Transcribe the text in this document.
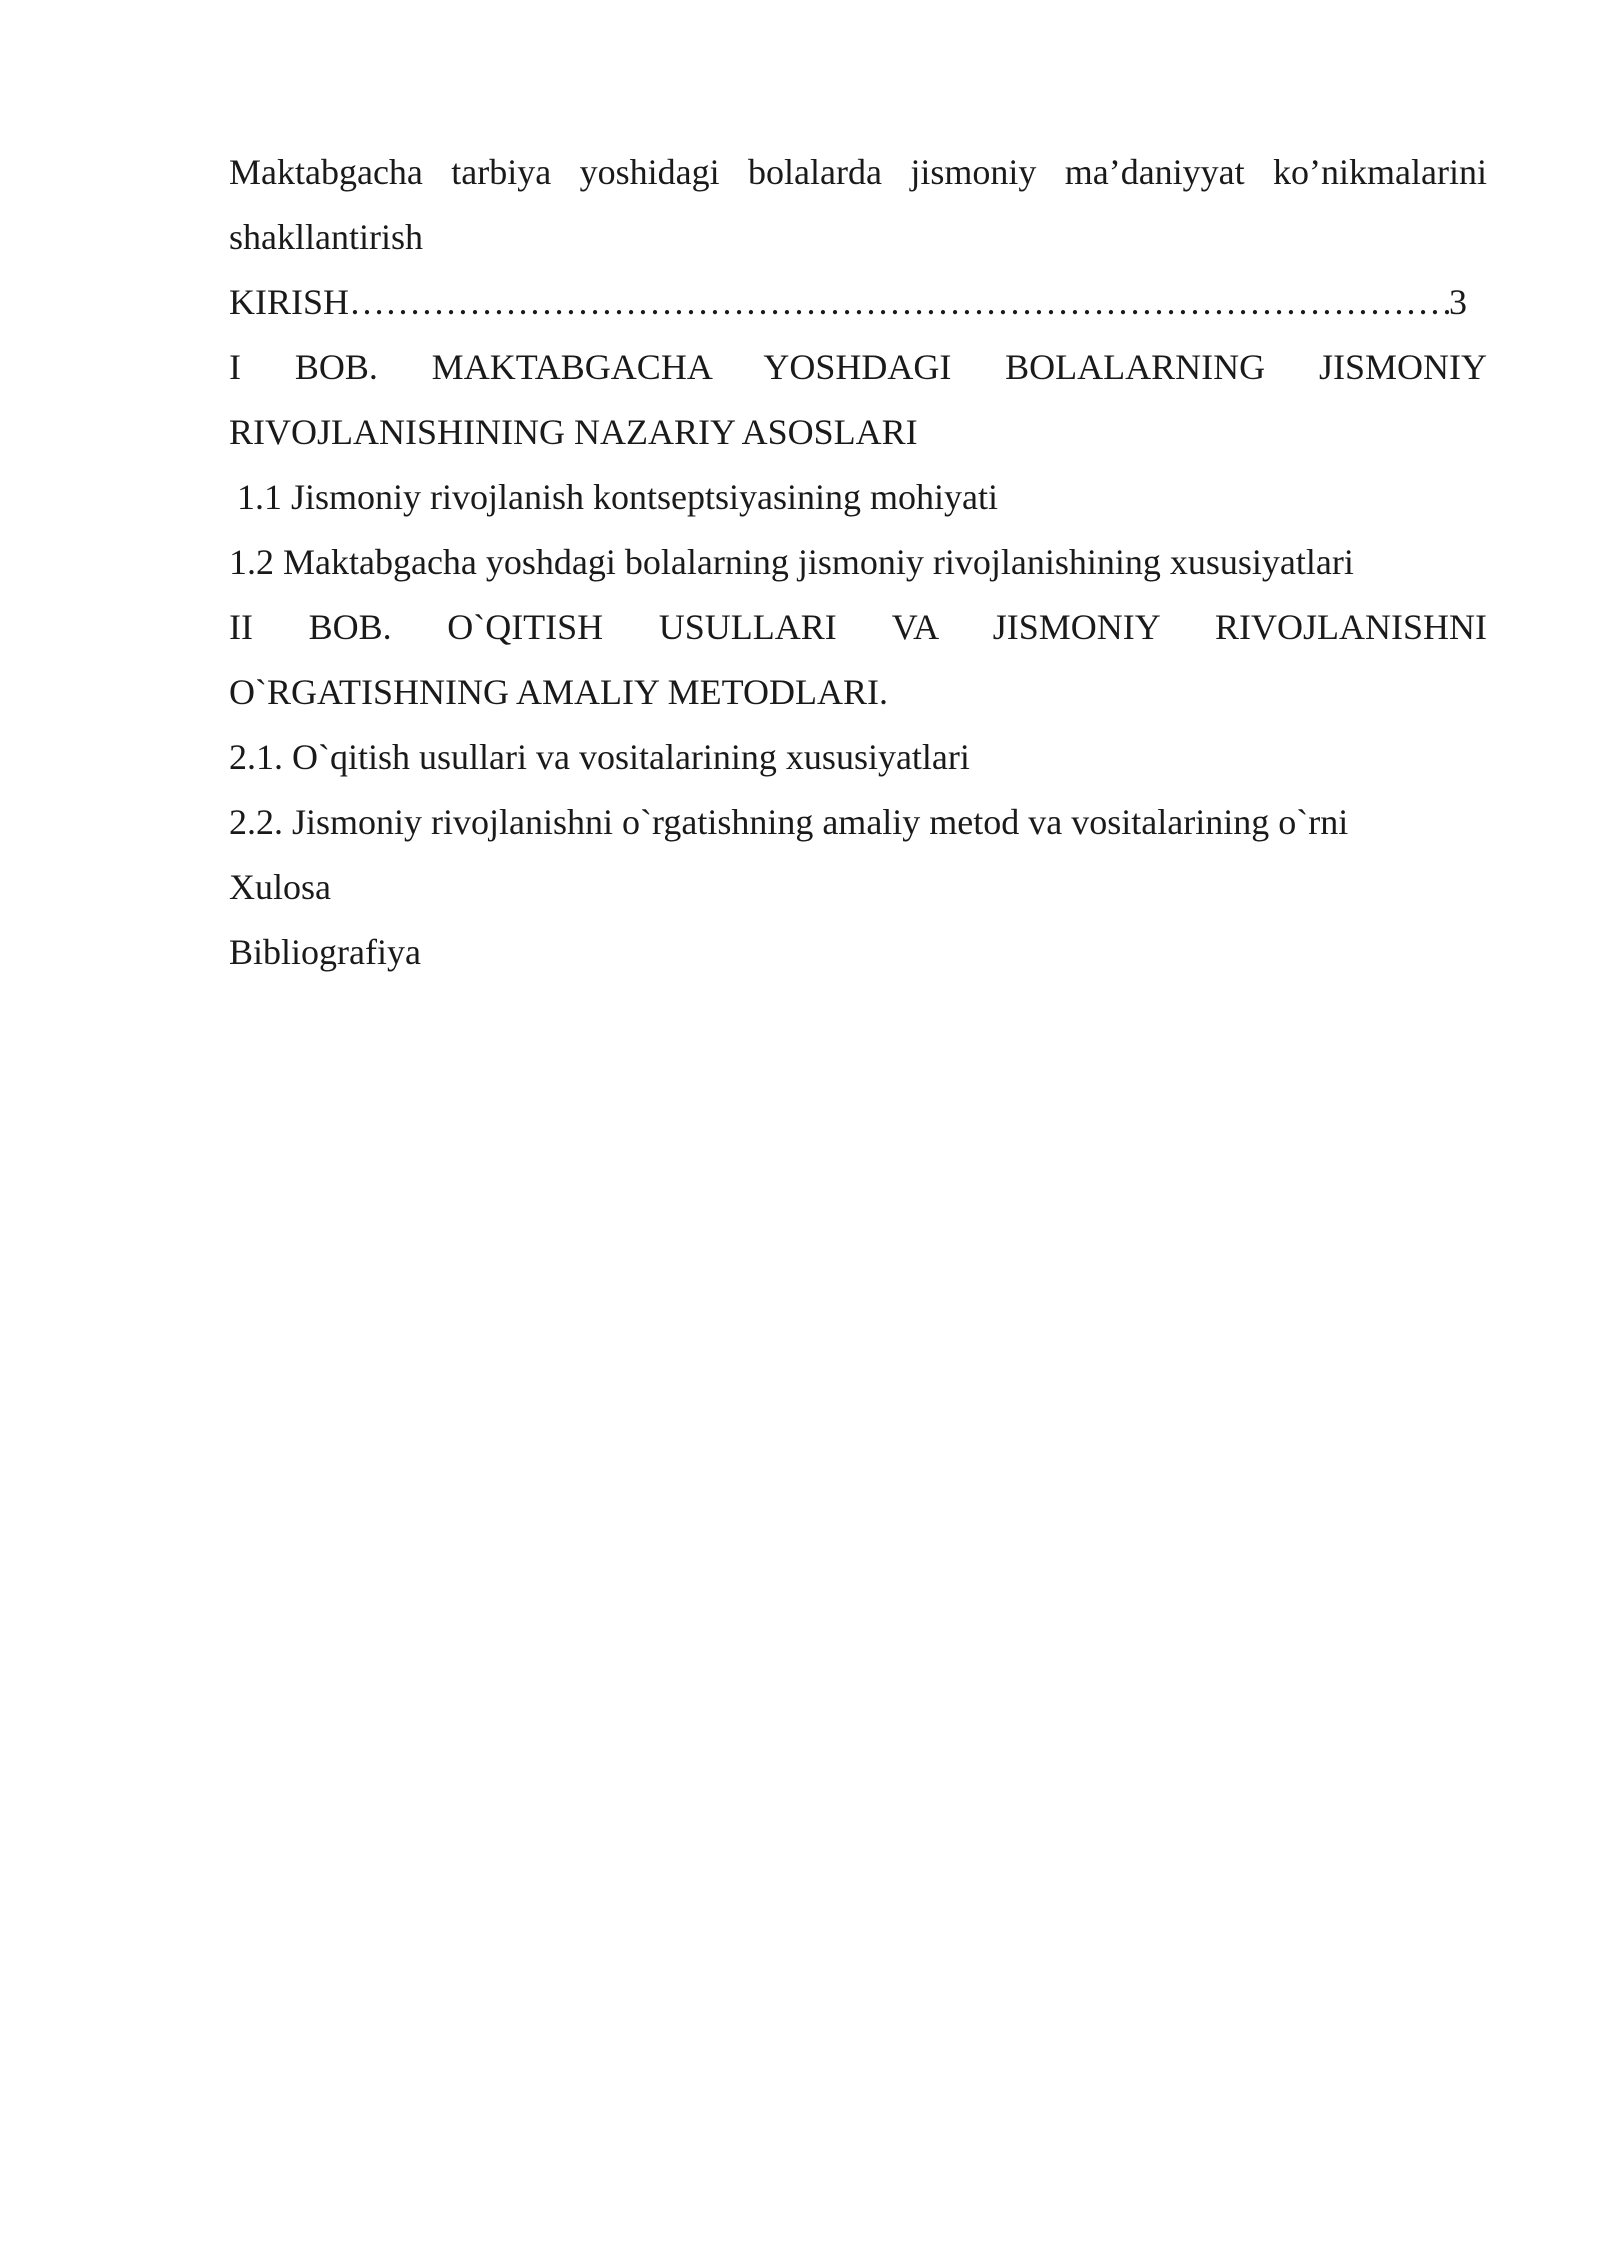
Maktabgacha tarbiya yoshidagi bolalarda jismoniy ma’daniyyat ko’nikmalarini
shakllantirish
KIRISH
……………………………………………………………………………………………………………………………………………………	3
I BOB. MAKTABGACHA YOSHDAGI BOLALARNING JISMONIY
RIVOJLANISHINING NAZARIY ASOSLARI
1.1 Jismoniy rivojlanish kontseptsiyasining mohiyati
1.2 Maktabgacha yoshdagi bolalarning jismoniy rivojlanishining xususiyatlari
II BOB. O`QITISH USULLARI VA JISMONIY RIVOJLANISHNI
O`RGATISHNING AMALIY METODLARI.
2.1. O`qitish usullari va vositalarining xususiyatlari
2.2. Jismoniy rivojlanishni o`rgatishning amaliy metod va vositalarining o`rni
Xulosa
Bibliografiya
